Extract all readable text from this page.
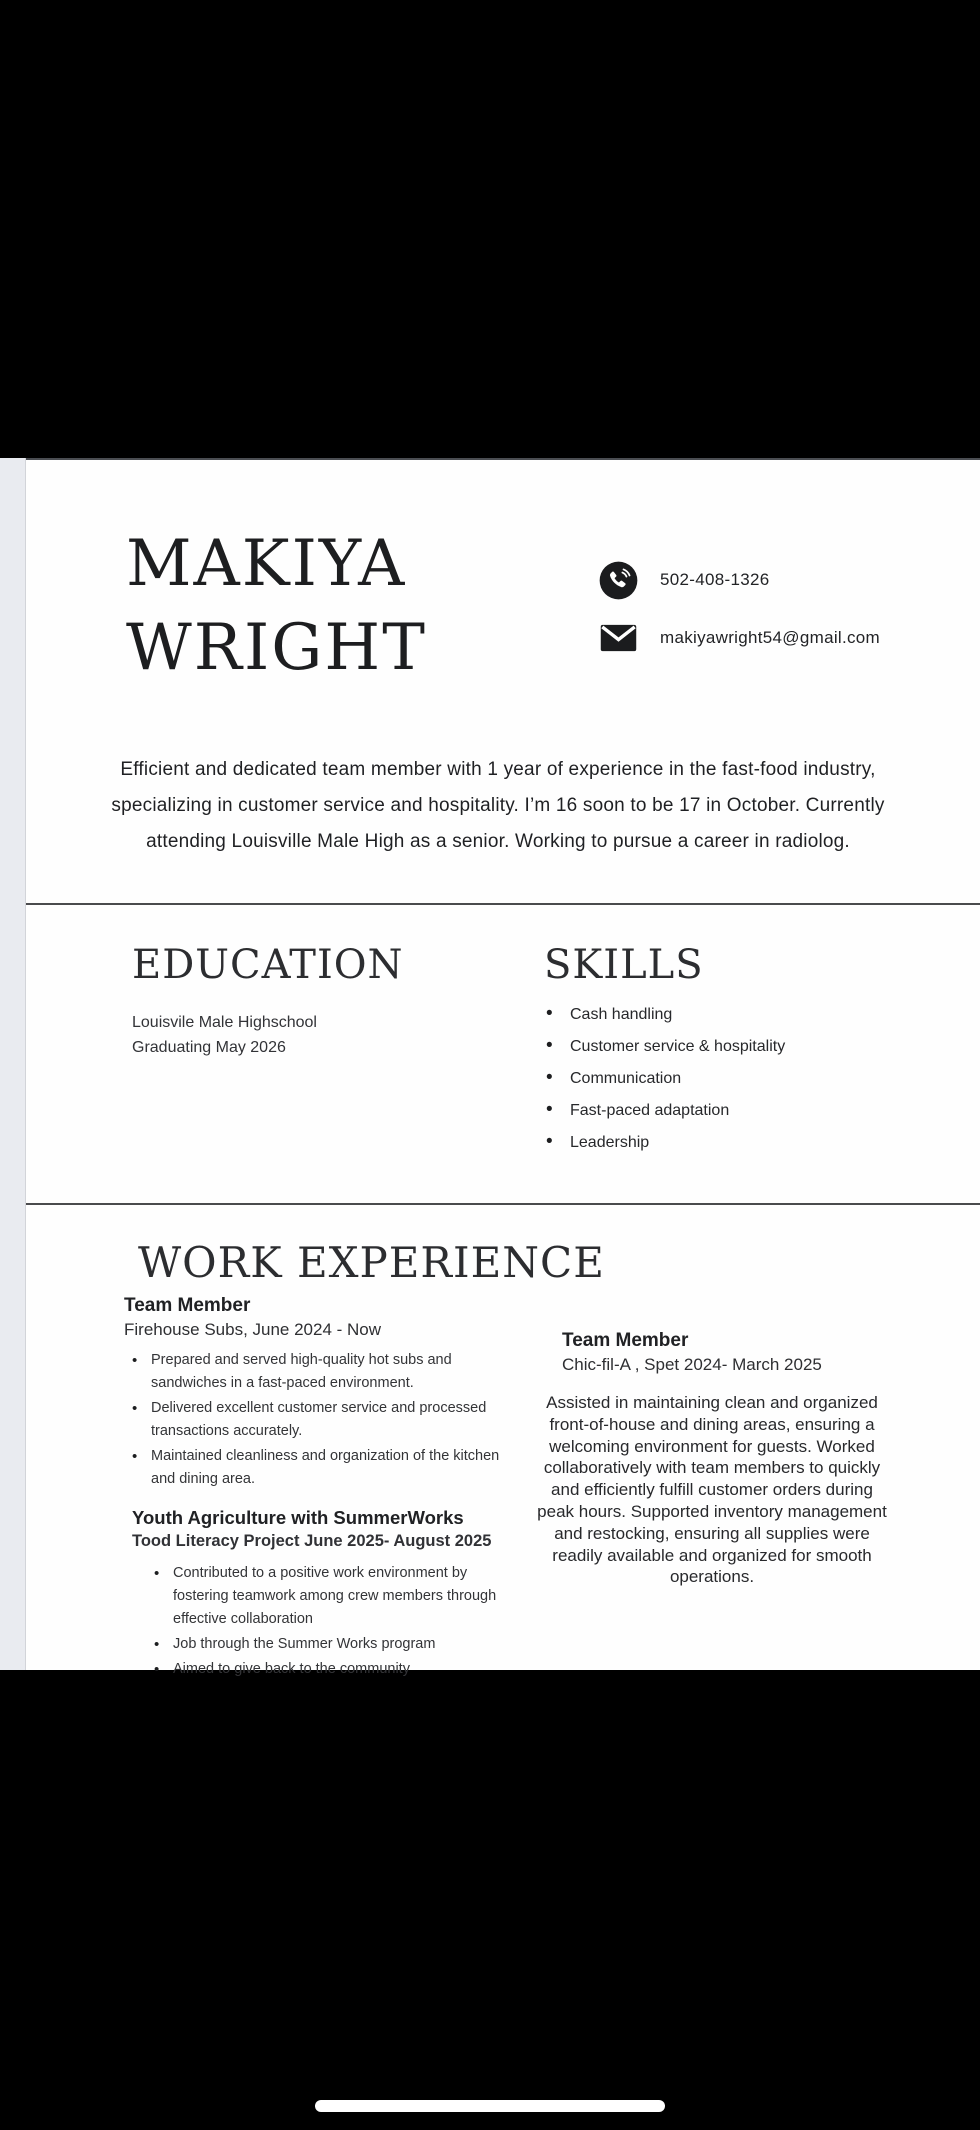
MAKIYA
WRIGHT
502-408-1326
makiyawright54@gmail.com

Efficient and dedicated team member with 1 year of experience in the fast-food industry, specializing in customer service and hospitality. I’m 16 soon to be 17 in October. Currently attending Louisville Male High as a senior. Working to pursue a career in radiolog.

EDUCATION

Louisvile Male Highschool

Graduating May 2026

SKILLS
• Cash handling
• Customer service & hospitality
• Communication
• Fast-paced adaptation
• Leadership
WORK EXPERIENCE
Team Member
Firehouse Subs, June 2024 - Now
• Prepared and served high-quality hot subs and sandwiches in a fast-paced environment.
• Delivered excellent customer service and processed transactions accurately.
• Maintained cleanliness and organization of the kitchen and dining area.
Youth Agriculture with SummerWorks
Tood Literacy Project June 2025- August 2025
• Contributed to a positive work environment by fostering teamwork among crew members through effective collaboration
• Job through the Summer Works program
• Aimed to give back to the community
Team Member
Chic-fil-A , Spet 2024- March 2025

Assisted in maintaining clean and organized front-of-house and dining areas, ensuring a welcoming environment for guests. Worked collaboratively with team members to quickly and efficiently fulfill customer orders during peak hours. Supported inventory management and restocking, ensuring all supplies were readily available and organized for smooth operations.
